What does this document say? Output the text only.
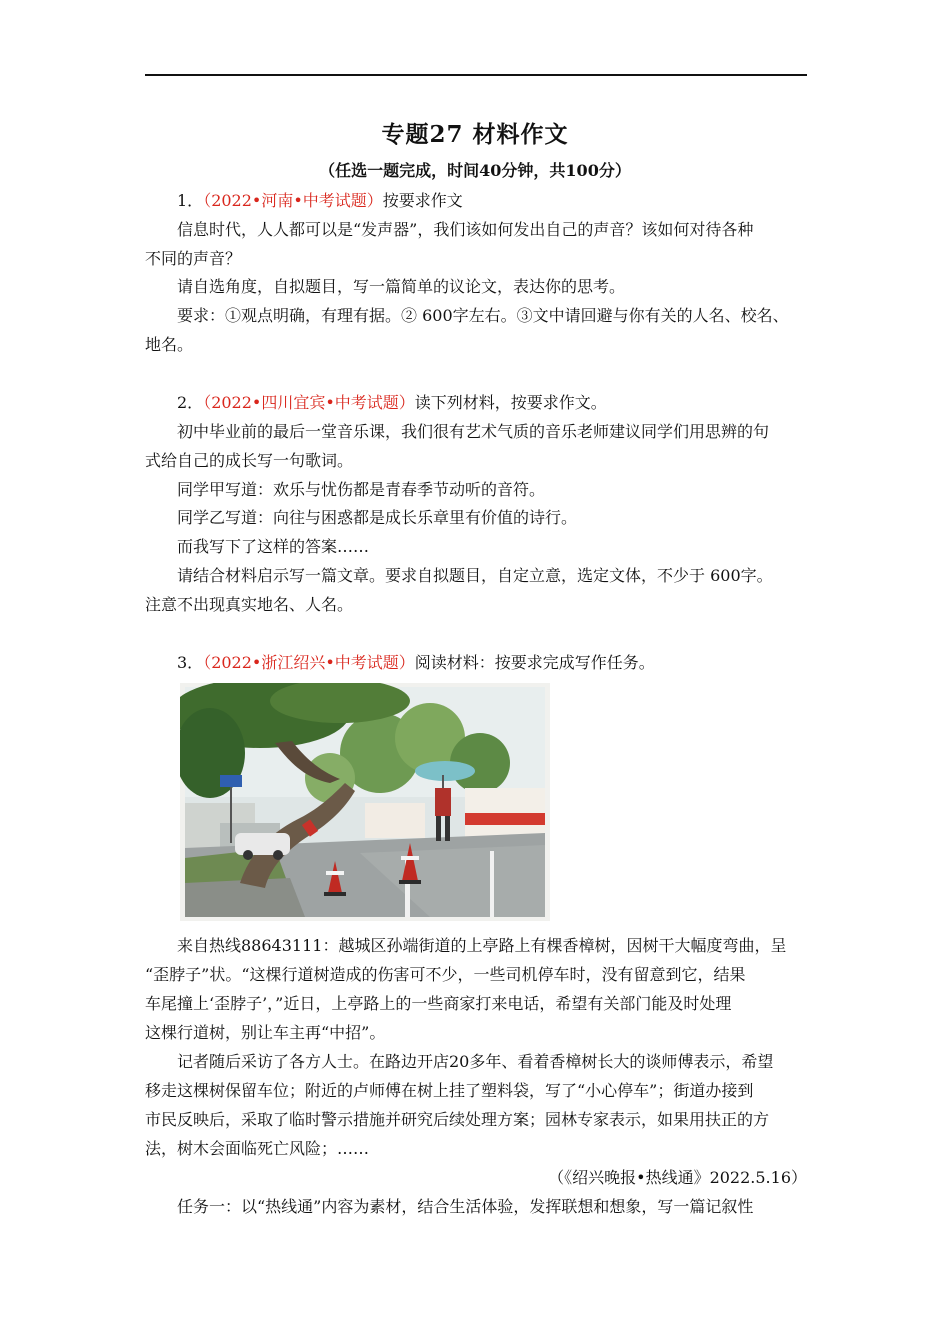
专题27 材料作文
（任选一题完成，时间40分钟，共100分）
1．（2022•河南•中考试题）按要求作文
信息时代，人人都可以是“发声器”，我们该如何发出自己的声音？该如何对待各种
不同的声音？
请自选角度，自拟题目，写一篇简单的议论文，表达你的思考。
要求：①观点明确，有理有据。② 600字左右。③文中请回避与你有关的人名、校名、
地名。
2．（2022•四川宜宾•中考试题）读下列材料，按要求作文。
初中毕业前的最后一堂音乐课，我们很有艺术气质的音乐老师建议同学们用思辨的句
式给自己的成长写一句歌词。
同学甲写道：欢乐与忧伤都是青春季节动听的音符。
同学乙写道：向往与困惑都是成长乐章里有价值的诗行。
而我写下了这样的答案……
请结合材料启示写一篇文章。要求自拟题目，自定立意，选定文体，不少于 600字。
注意不出现真实地名、人名。
3．（2022•浙江绍兴•中考试题）阅读材料：按要求完成写作任务。
来自热线88643111：越城区孙端街道的上亭路上有棵香樟树，因树干大幅度弯曲，呈
“歪脖子”状。“这棵行道树造成的伤害可不少，一些司机停车时，没有留意到它，结果
车尾撞上‘歪脖子’，”近日，上亭路上的一些商家打来电话，希望有关部门能及时处理
这棵行道树，别让车主再“中招”。
记者随后采访了各方人士。在路边开店20多年、看着香樟树长大的谈师傅表示，希望
移走这棵树保留车位；附近的卢师傅在树上挂了塑料袋，写了“小心停车”；街道办接到
市民反映后，采取了临时警示措施并研究后续处理方案；园林专家表示，如果用扶正的方
法，树木会面临死亡风险；……
（《绍兴晚报•热线通》2022.5.16）
任务一：以“热线通”内容为素材，结合生活体验，发挥联想和想象，写一篇记叙性
